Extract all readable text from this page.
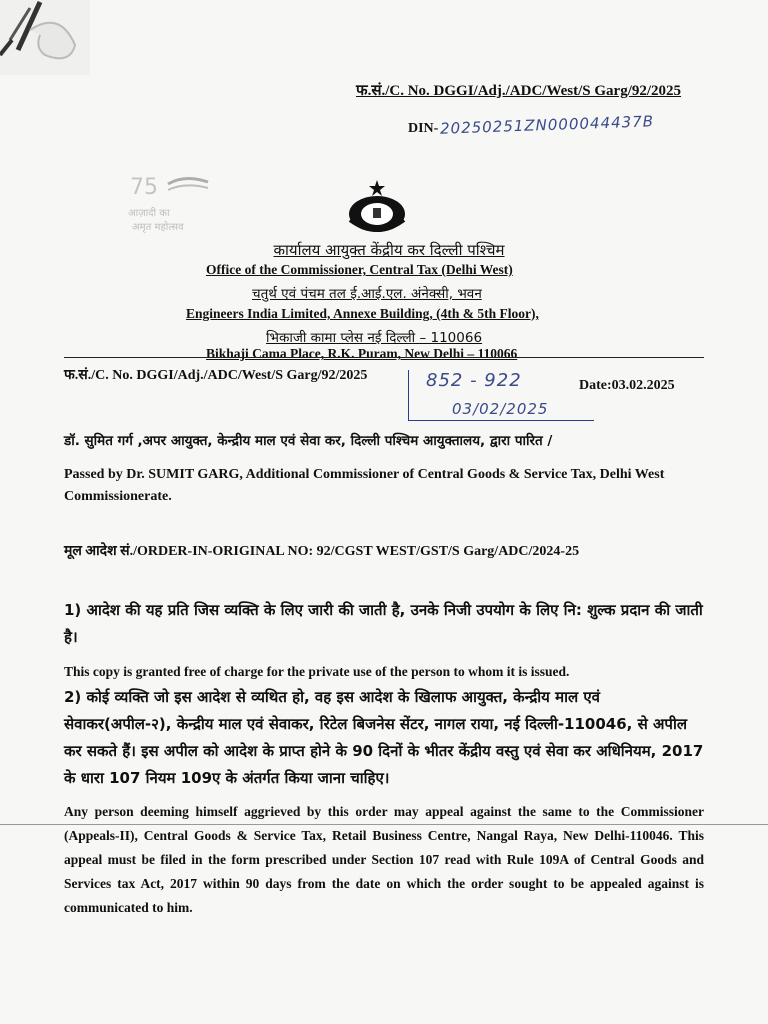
फ.सं./C. No. DGGI/Adj./ADC/West/S Garg/92/2025
DIN- 20250251ZN000044437B
75
आज़ादी का
अमृत महोत्सव
कार्यालय आयुक्त केंद्रीय कर दिल्ली पश्चिम
Office of the Commissioner, Central Tax (Delhi West)
चतुर्थ एवं पंचम तल ई.आई.एल. अंनेक्सी, भवन
Engineers India Limited, Annexe Building, (4th & 5th Floor),
भिकाजी कामा प्लेस नई दिल्ली – 110066
Bikhaji Cama Place, R.K. Puram, New Delhi – 110066
फ.सं./C. No. DGGI/Adj./ADC/West/S Garg/92/2025	852 - 922
03/02/2025
Date:03.02.2025
डॉ. सुमित गर्ग ,अपर आयुक्त, केन्द्रीय माल एवं सेवा कर, दिल्ली पश्चिम आयुक्तालय, द्वारा पारित /
Passed by Dr. SUMIT GARG, Additional Commissioner of Central Goods & Service Tax, Delhi West Commissionerate.
मूल आदेश सं./ORDER-IN-ORIGINAL NO: 92/CGST WEST/GST/S Garg/ADC/2024-25
1) आदेश की यह प्रति जिस व्यक्ति के लिए जारी की जाती है, उनके निजी उपयोग के लिए नि: शुल्क प्रदान की जाती है।
This copy is granted free of charge for the private use of the person to whom it is issued.
2) कोई व्यक्ति जो इस आदेश से व्यथित हो, वह इस आदेश के खिलाफ आयुक्त, केन्द्रीय माल एवं सेवाकर(अपील-२), केन्द्रीय माल एवं सेवाकर, रिटेल बिजनेस सेंटर, नागल राया, नई दिल्ली-110046, से अपील कर सकते हैं। इस अपील को आदेश के प्राप्त होने के 90 दिनों के भीतर केंद्रीय वस्तु एवं सेवा कर अधिनियम, 2017 के धारा 107 नियम 109ए के अंतर्गत किया जाना चाहिए।
Any person deeming himself aggrieved by this order may appeal against the same to the Commissioner (Appeals-II), Central Goods & Service Tax, Retail Business Centre, Nangal Raya, New Delhi-110046. This appeal must be filed in the form prescribed under Section 107 read with Rule 109A of Central Goods and Services tax Act, 2017 within 90 days from the date on which the order sought to be appealed against is communicated to him.
